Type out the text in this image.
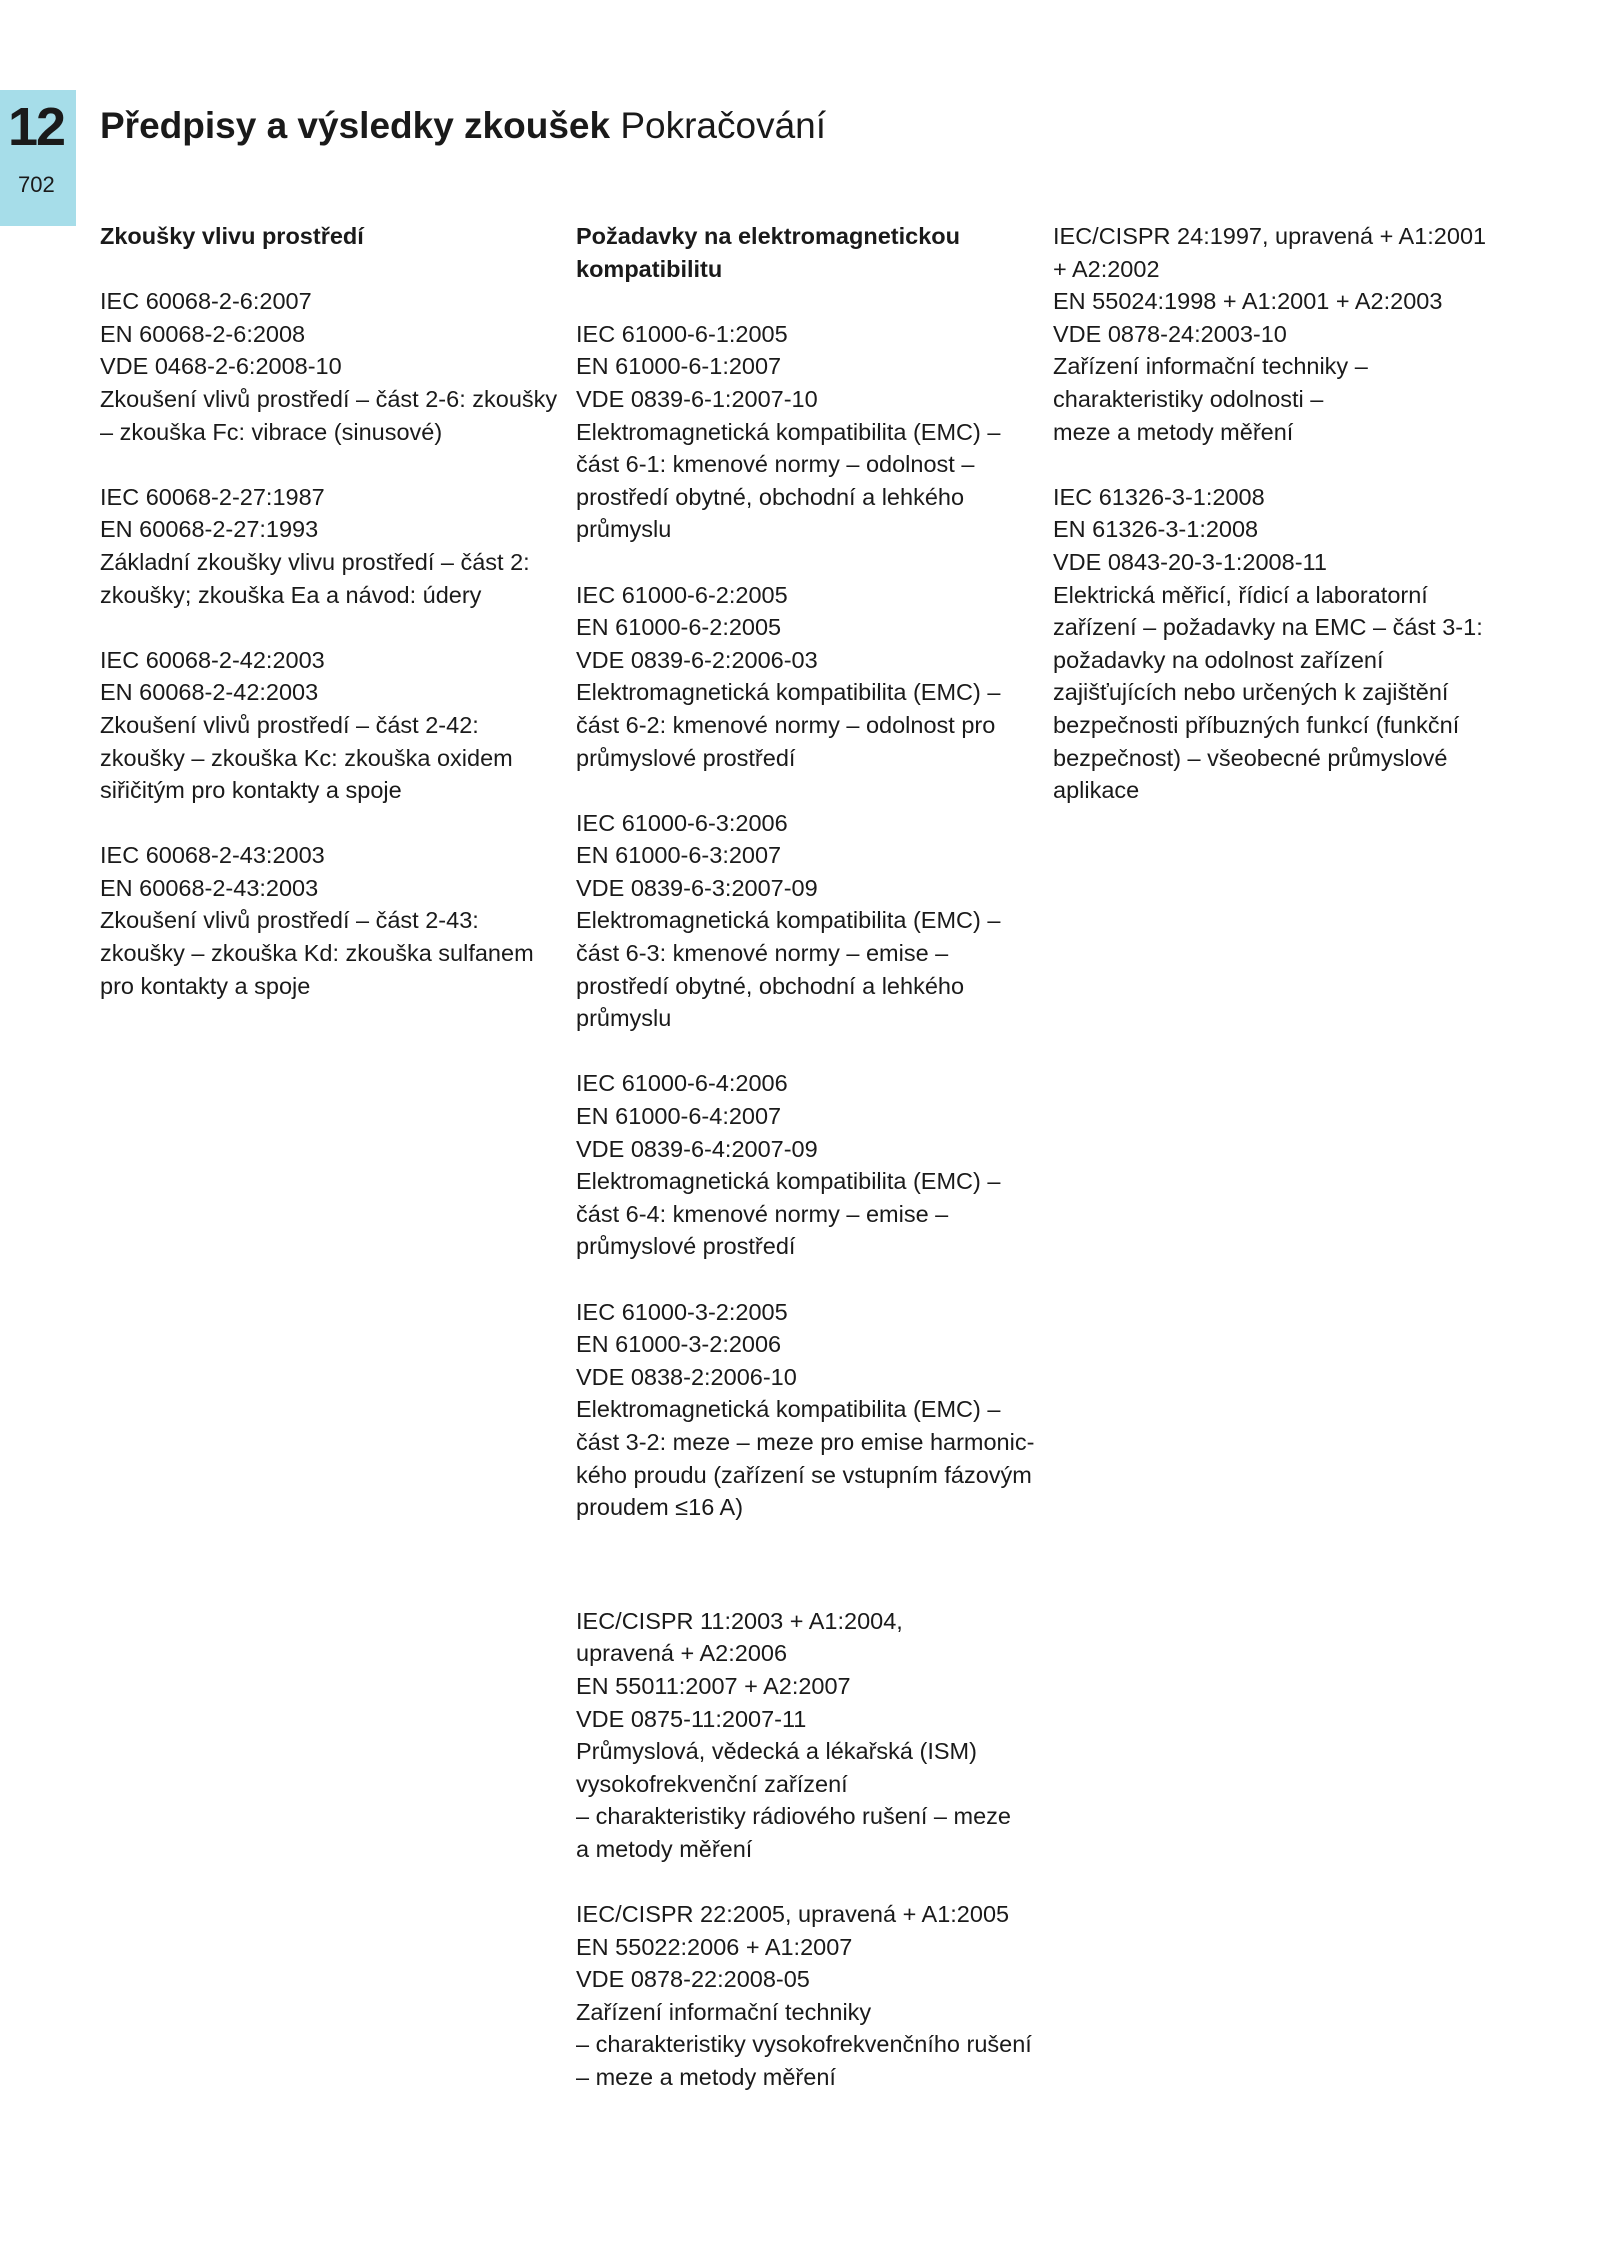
12
702
Předpisy a výsledky zkoušek Pokračování
Zkoušky vlivu prostředí
IEC 60068-2-6:2007
EN 60068-2-6:2008
VDE 0468-2-6:2008-10
Zkoušení vlivů prostředí – část 2-6: zkoušky
– zkouška Fc: vibrace (sinusové)
IEC 60068-2-27:1987
EN 60068-2-27:1993
Základní zkoušky vlivu prostředí – část 2:
zkoušky; zkouška Ea a návod: údery
IEC 60068-2-42:2003
EN 60068-2-42:2003
Zkoušení vlivů prostředí – část 2-42:
zkoušky – zkouška Kc: zkouška oxidem
siřičitým pro kontakty a spoje
IEC 60068-2-43:2003
EN 60068-2-43:2003
Zkoušení vlivů prostředí – část 2-43:
zkoušky – zkouška Kd: zkouška sulfanem
pro kontakty a spoje
Požadavky na elektromagnetickou
kompatibilitu
IEC 61000-6-1:2005
EN 61000-6-1:2007
VDE 0839-6-1:2007-10
Elektromagnetická kompatibilita (EMC) –
část 6-1: kmenové normy – odolnost –
prostředí obytné, obchodní a lehkého
průmyslu
IEC 61000-6-2:2005
EN 61000-6-2:2005
VDE 0839-6-2:2006-03
Elektromagnetická kompatibilita (EMC) –
část 6-2: kmenové normy – odolnost pro
průmyslové prostředí
IEC 61000-6-3:2006
EN 61000-6-3:2007
VDE 0839-6-3:2007-09
Elektromagnetická kompatibilita (EMC) –
část 6-3: kmenové normy – emise –
prostředí obytné, obchodní a lehkého
průmyslu
IEC 61000-6-4:2006
EN 61000-6-4:2007
VDE 0839-6-4:2007-09
Elektromagnetická kompatibilita (EMC) –
část 6-4: kmenové normy – emise –
průmyslové prostředí
IEC 61000-3-2:2005
EN 61000-3-2:2006
VDE 0838-2:2006-10
Elektromagnetická kompatibilita (EMC) –
část 3-2: meze – meze pro emise harmonic-
kého proudu (zařízení se vstupním fázovým
proudem ≤16 A)
IEC/CISPR 11:2003 + A1:2004,
upravená + A2:2006
EN 55011:2007 + A2:2007
VDE 0875-11:2007-11
Průmyslová, vědecká a lékařská (ISM)
vysokofrekvenční zařízení
– charakteristiky rádiového rušení – meze
a metody měření
IEC/CISPR 22:2005, upravená + A1:2005
EN 55022:2006 + A1:2007
VDE 0878-22:2008-05
Zařízení informační techniky
– charakteristiky vysokofrekvenčního rušení
– meze a metody měření
IEC/CISPR 24:1997, upravená + A1:2001
+ A2:2002
EN 55024:1998 + A1:2001 + A2:2003
VDE 0878-24:2003-10
Zařízení informační techniky –
charakteristiky odolnosti –
meze a metody měření
IEC 61326-3-1:2008
EN 61326-3-1:2008
VDE 0843-20-3-1:2008-11
Elektrická měřicí, řídicí a laboratorní
zařízení – požadavky na EMC – část 3-1:
požadavky na odolnost zařízení
zajišťujících nebo určených k zajištění
bezpečnosti příbuzných funkcí (funkční
bezpečnost) – všeobecné průmyslové
aplikace
